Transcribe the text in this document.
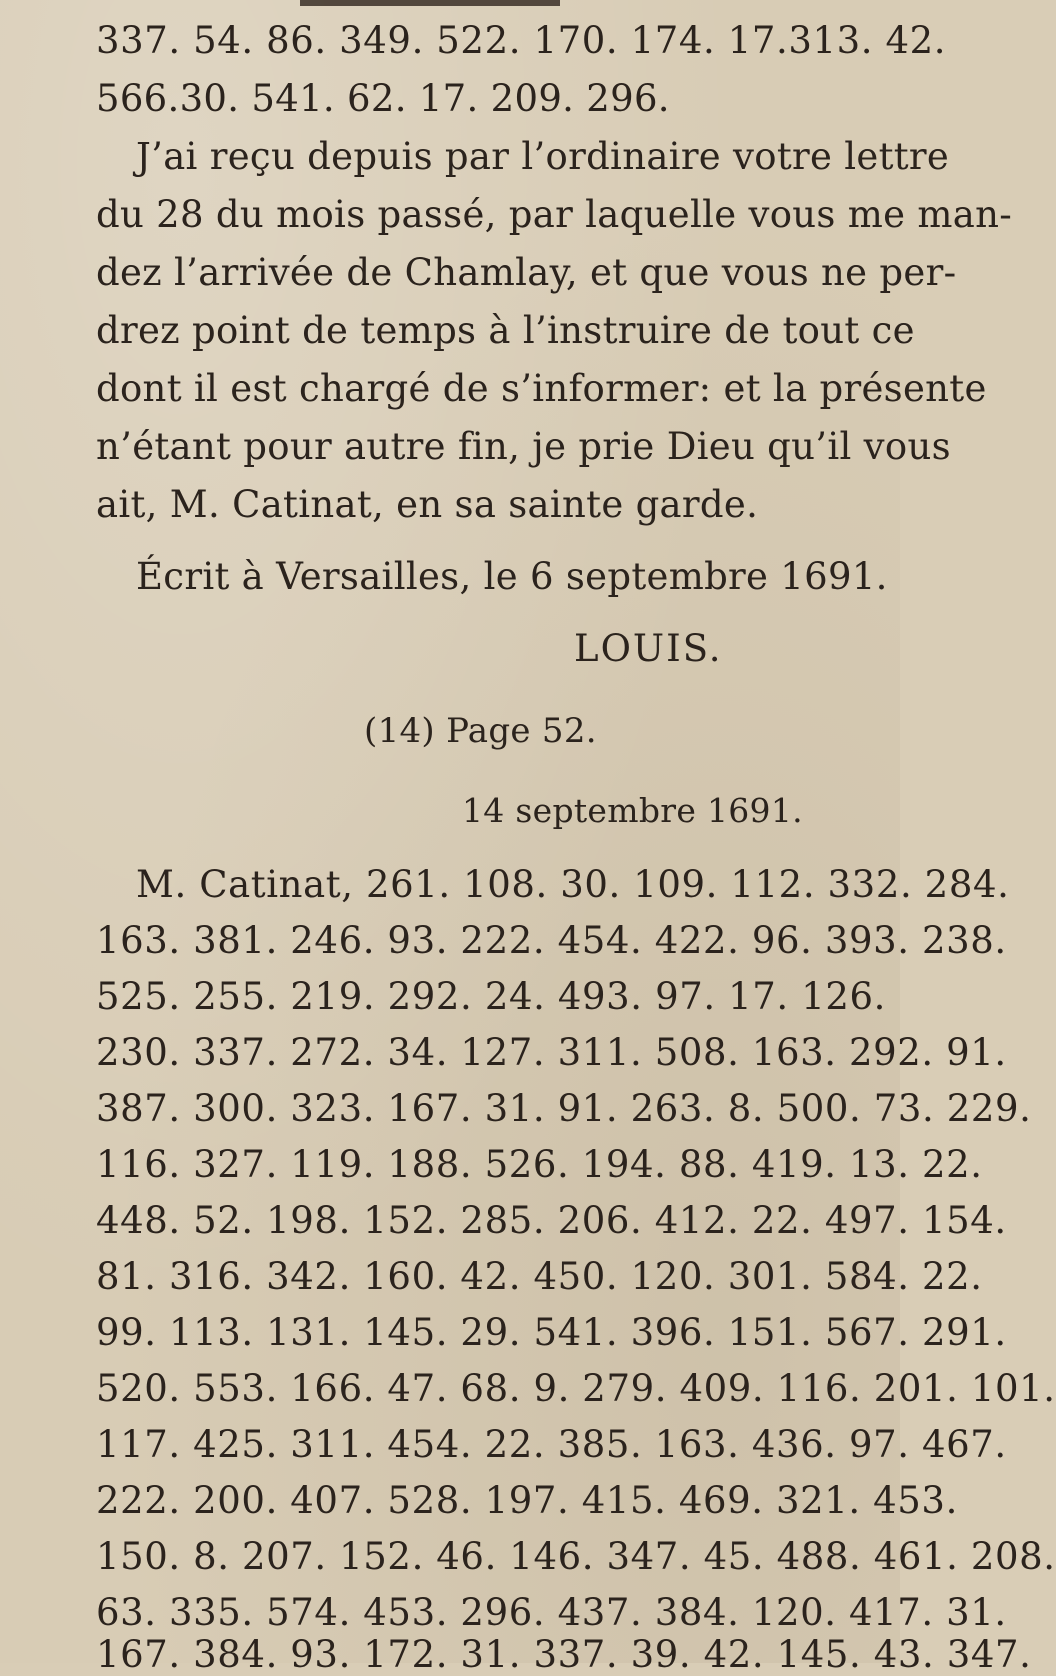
337. 54. 86. 349. 522. 170. 174. 17.313. 42.
566.30. 541. 62. 17. 209. 296.
J’ai reçu depuis par l’ordinaire votre lettre
du 28 du mois passé, par laquelle vous me man-
dez l’arrivée de Chamlay, et que vous ne per-
drez point de temps à l’instruire de tout ce
dont il est chargé de s’informer: et la présente
n’étant pour autre fin, je prie Dieu qu’il vous
ait, M. Catinat, en sa sainte garde.
Écrit à Versailles, le 6 septembre 1691.
LOUIS.
(14) Page 52.
14 septembre 1691.
M. Catinat, 261. 108. 30. 109. 112. 332. 284.
163. 381. 246. 93. 222. 454. 422. 96. 393. 238.
525. 255. 219. 292. 24. 493. 97. 17. 126.
230. 337. 272. 34. 127. 311. 508. 163. 292. 91.
387. 300. 323. 167. 31. 91. 263. 8. 500. 73. 229.
116. 327. 119. 188. 526. 194. 88. 419. 13. 22.
448. 52. 198. 152. 285. 206. 412. 22. 497. 154.
81. 316. 342. 160. 42. 450. 120. 301. 584. 22.
99. 113. 131. 145. 29. 541. 396. 151. 567. 291.
520. 553. 166. 47. 68. 9. 279. 409. 116. 201. 101.
117. 425. 311. 454. 22. 385. 163. 436. 97. 467.
222. 200. 407. 528. 197. 415. 469. 321. 453.
150. 8. 207. 152. 46. 146. 347. 45. 488. 461. 208.
63. 335. 574. 453. 296. 437. 384. 120. 417. 31.
167. 384. 93. 172. 31. 337. 39. 42. 145. 43. 347.
